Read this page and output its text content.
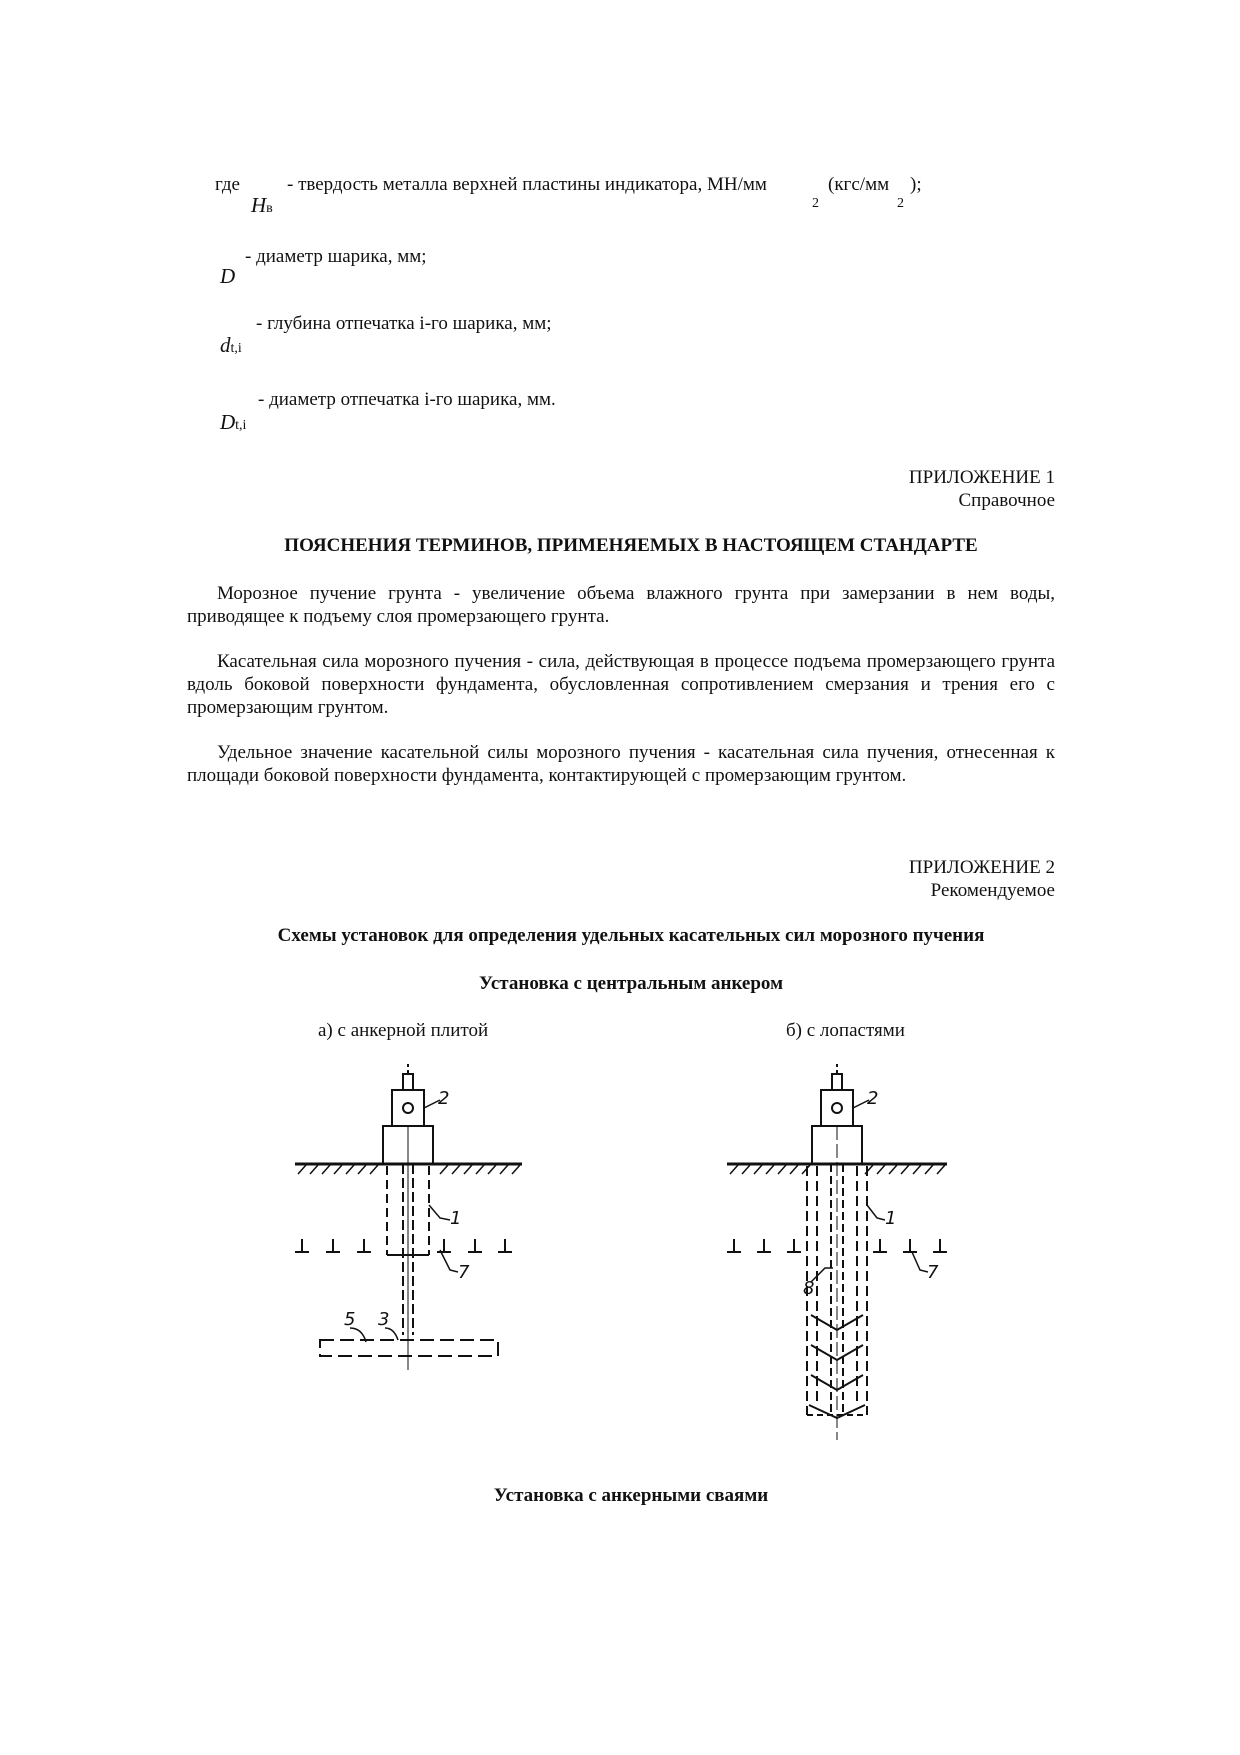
где
Hв
- твердость металла верхней пластины индикатора, МН/мм
2
(кгс/мм
2
);
- диаметр шарика, мм;
D
- глубина отпечатка i-го шарика, мм;
dt,i
- диаметр отпечатка i-го шарика, мм.
Dt,i
ПРИЛОЖЕНИЕ 1
Справочное
ПОЯСНЕНИЯ ТЕРМИНОВ, ПРИМЕНЯЕМЫХ В НАСТОЯЩЕМ СТАНДАРТЕ
Морозное пучение грунта - увеличение объема влажного грунта при замерзании в нем воды, приводящее к подъему слоя промерзающего грунта.
Касательная сила морозного пучения - сила, действующая в процессе подъема промерзающего грунта вдоль боковой поверхности фундамента, обусловленная сопротивлением смерзания и трения его с промерзающим грунтом.
Удельное значение касательной силы морозного пучения - касательная сила пучения, отнесенная к площади боковой поверхности фундамента, контактирующей с промерзающим грунтом.
ПРИЛОЖЕНИЕ 2
Рекомендуемое
Схемы установок для определения удельных касательных сил морозного пучения
Установка с центральным анкером
а) с анкерной плитой	б) с лопастями
2
1
7
5 3
2
1
8
7
Установка с анкерными сваями
